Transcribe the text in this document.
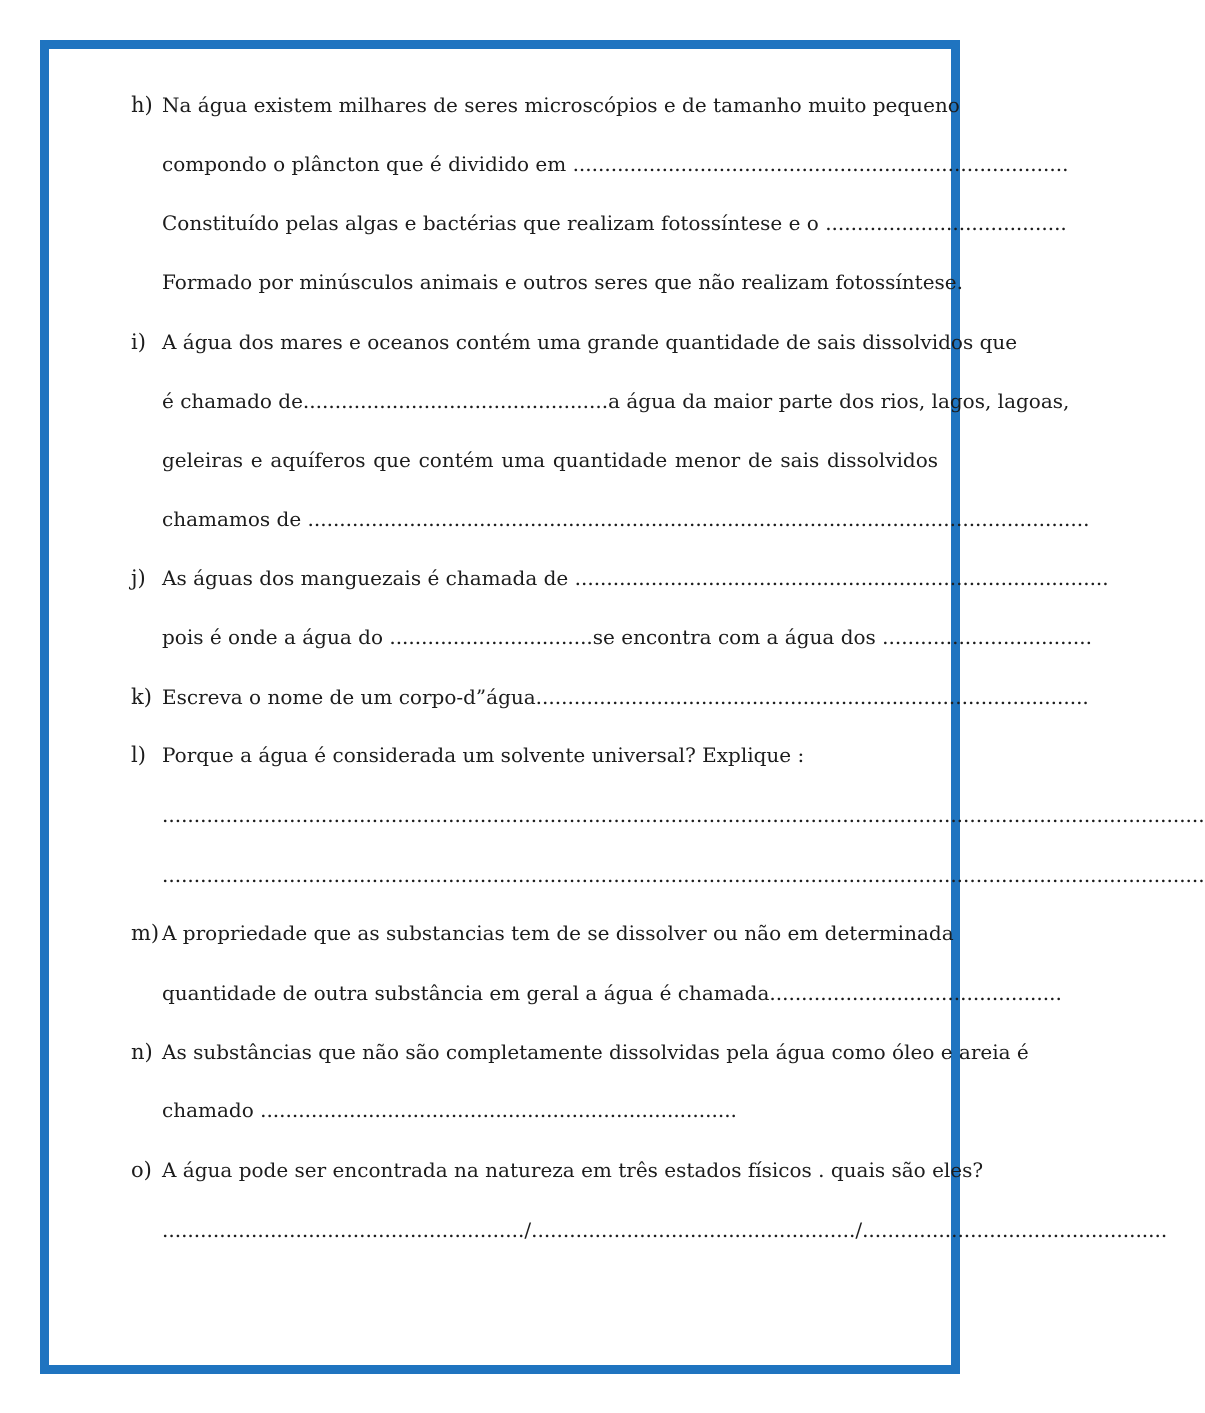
h) Na água existem milhares de seres microscópios e de tamanho muito pequeno
compondo o plâncton que é dividido em ..............................................................................
Constituído pelas algas e bactérias que realizam fotossíntese e o ......................................
Formado por minúsculos animais e outros seres que não realizam fotossíntese.
i) A água dos mares e oceanos contém uma grande quantidade de sais dissolvidos que
é chamado de................................................a água da maior parte dos rios, lagos, lagoas,
geleiras e aquíferos que contém uma quantidade menor de sais dissolvidos
chamamos de ...........................................................................................................................
j) As águas dos manguezais é chamada de ....................................................................................
pois é onde a água do ................................se encontra com a água dos .................................
k) Escreva o nome de um corpo-d”água.......................................................................................
l) Porque a água é considerada um solvente universal? Explique :
....................................................................................................................................................................
....................................................................................................................................................................
m) A propriedade que as substancias tem de se dissolver ou não em determinada
quantidade de outra substância em geral a água é chamada..............................................
n) As substâncias que não são completamente dissolvidas pela água como óleo e areia é
chamado ...........................................................................
o) A água pode ser encontrada na natureza em três estados físicos . quais são eles?
........................................................./.................................................../................................................
